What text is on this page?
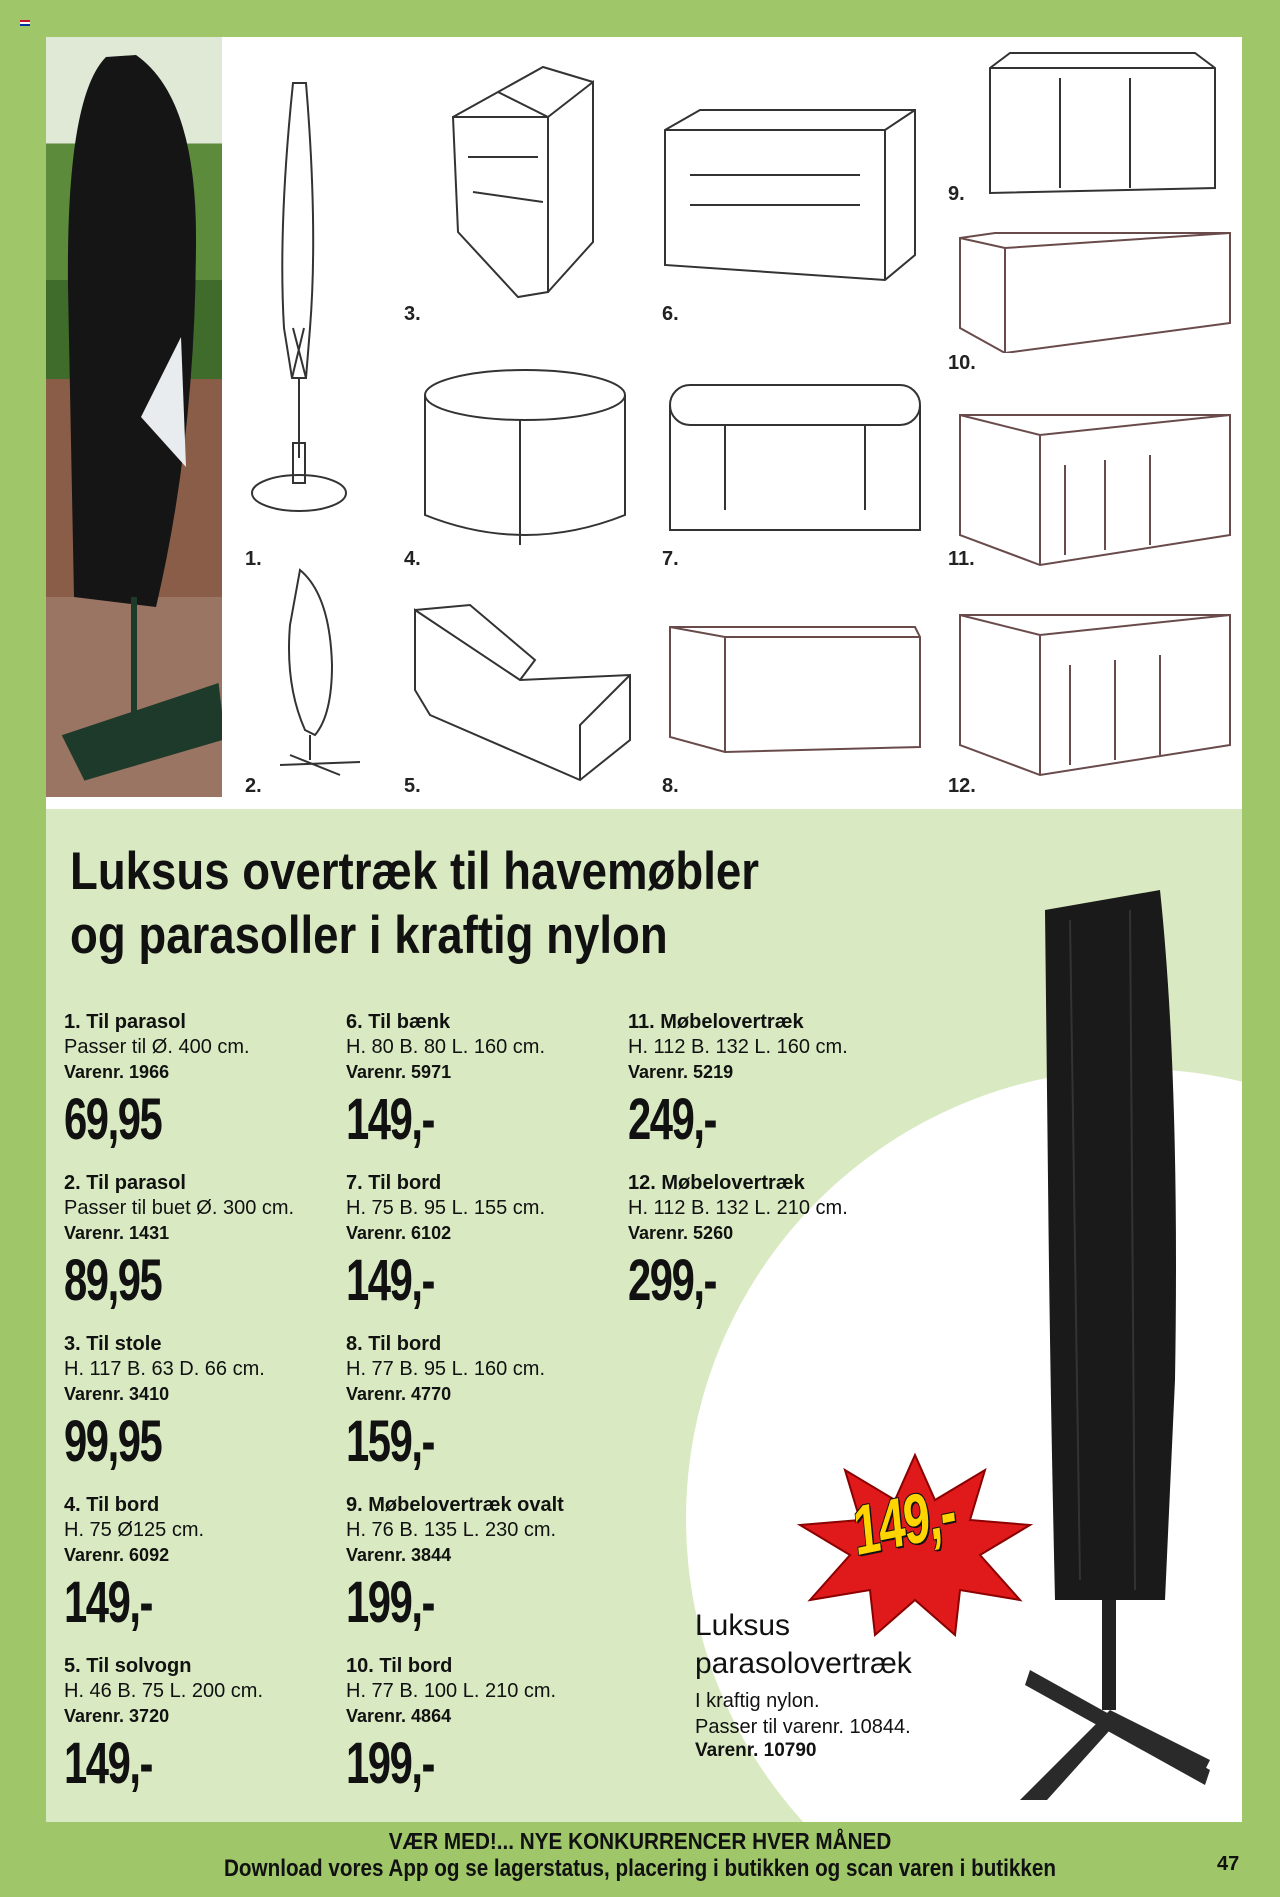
1.
2.
3.
4.
5.
6.
7.
8.
9.
10.
11.
12.
Luksus overtræk til havemøbler
og parasoller i kraftig nylon
1. Til parasol
Passer til Ø. 400 cm.
Varenr. 1966
69,95
2. Til parasol
Passer til buet Ø. 300 cm.
Varenr. 1431
89,95
3. Til stole
H. 117 B. 63 D. 66 cm.
Varenr. 3410
99,95
4. Til bord
H. 75 Ø125 cm.
Varenr. 6092
149,-
5. Til solvogn
H. 46 B. 75 L. 200 cm.
Varenr. 3720
149,-
6. Til bænk
H. 80 B. 80 L. 160 cm.
Varenr. 5971
149,-
7. Til bord
H. 75 B. 95 L. 155 cm.
Varenr. 6102
149,-
8. Til bord
H. 77 B. 95 L. 160 cm.
Varenr. 4770
159,-
9. Møbelovertræk ovalt
H. 76 B. 135 L. 230 cm.
Varenr. 3844
199,-
10. Til bord
H. 77 B. 100 L. 210 cm.
Varenr. 4864
199,-
11. Møbelovertræk
H. 112 B. 132 L. 160 cm.
Varenr. 5219
249,-
12. Møbelovertræk
H. 112 B. 132 L. 210 cm.
Varenr. 5260
299,-
149,-
Luksus
parasolovertræk
I kraftig nylon.
Passer til varenr. 10844.
Varenr. 10790
VÆR MED!... NYE KONKURRENCER HVER MÅNED
Download vores App og se lagerstatus, placering i butikken og scan varen i butikken	47
